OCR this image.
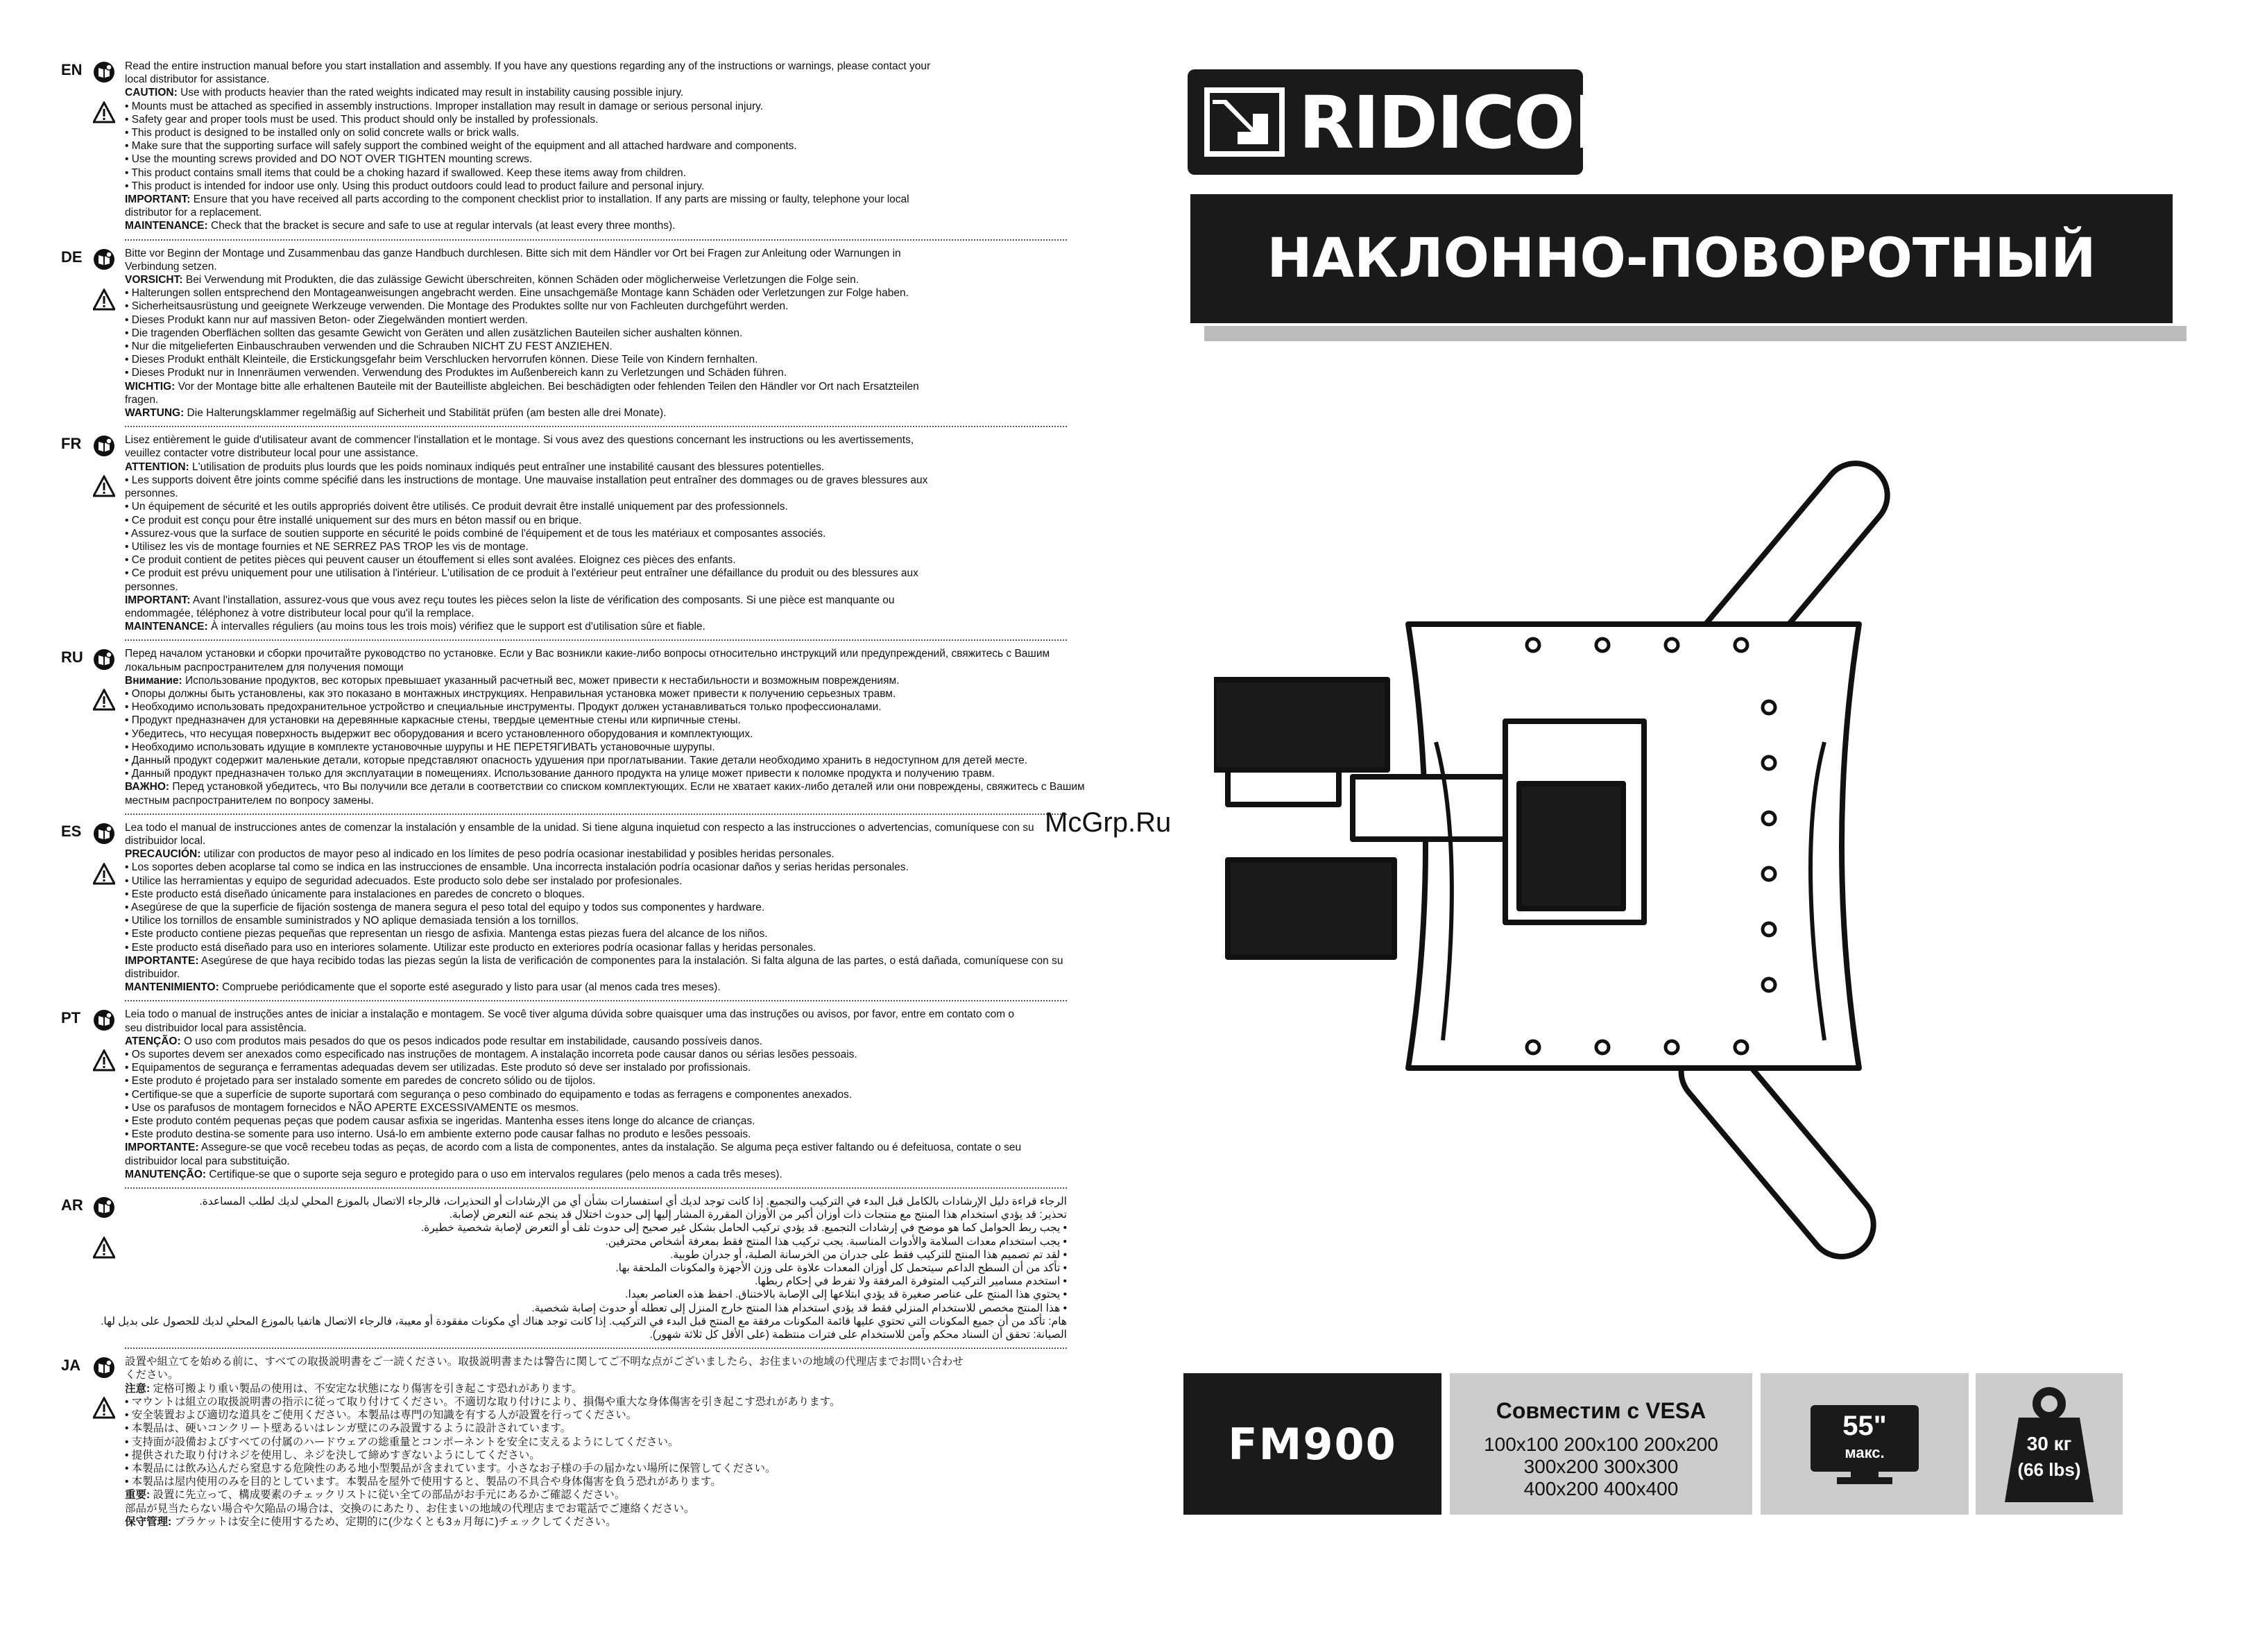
EN	Read the entire instruction manual before you start installation and assembly. If you have any questions regarding any of the instructions or warnings, please contact your
local distributor for assistance.
CAUTION: Use with products heavier than the rated weights indicated may result in instability causing possible injury.
• Mounts must be attached as specified in assembly instructions. Improper installation may result in damage or serious personal injury.
• Safety gear and proper tools must be used. This product should only be installed by professionals.
• This product is designed to be installed only on solid concrete walls or brick walls.
• Make sure that the supporting surface will safely support the combined weight of the equipment and all attached hardware and components.
• Use the mounting screws provided and DO NOT OVER TIGHTEN mounting screws.
• This product contains small items that could be a choking hazard if swallowed. Keep these items away from children.
• This product is intended for indoor use only. Using this product outdoors could lead to product failure and personal injury.
IMPORTANT: Ensure that you have received all parts according to the component checklist prior to installation. If any parts are missing or faulty, telephone your local
distributor for a replacement.
MAINTENANCE: Check that the bracket is secure and safe to use at regular intervals (at least every three months).
DE	Bitte vor Beginn der Montage und Zusammenbau das ganze Handbuch durchlesen. Bitte sich mit dem Händler vor Ort bei Fragen zur Anleitung oder Warnungen in
Verbindung setzen.
VORSICHT: Bei Verwendung mit Produkten, die das zulässige Gewicht überschreiten, können Schäden oder möglicherweise Verletzungen die Folge sein.
• Halterungen sollen entsprechend den Montageanweisungen angebracht werden. Eine unsachgemäße Montage kann Schäden oder Verletzungen zur Folge haben.
• Sicherheitsausrüstung und geeignete Werkzeuge verwenden. Die Montage des Produktes sollte nur von Fachleuten durchgeführt werden.
• Dieses Produkt kann nur auf massiven Beton- oder Ziegelwänden montiert werden.
• Die tragenden Oberflächen sollten das gesamte Gewicht von Geräten und allen zusätzlichen Bauteilen sicher aushalten können.
• Nur die mitgelieferten Einbauschrauben verwenden und die Schrauben NICHT ZU FEST ANZIEHEN.
• Dieses Produkt enthält Kleinteile, die Erstickungsgefahr beim Verschlucken hervorrufen können. Diese Teile von Kindern fernhalten.
• Dieses Produkt nur in Innenräumen verwenden. Verwendung des Produktes im Außenbereich kann zu Verletzungen und Schäden führen.
WICHTIG: Vor der Montage bitte alle erhaltenen Bauteile mit der Bauteilliste abgleichen. Bei beschädigten oder fehlenden Teilen den Händler vor Ort nach Ersatzteilen
fragen.
WARTUNG: Die Halterungsklammer regelmäßig auf Sicherheit und Stabilität prüfen (am besten alle drei Monate).
FR	Lisez entièrement le guide d'utilisateur avant de commencer l'installation et le montage. Si vous avez des questions concernant les instructions ou les avertissements,
veuillez contacter votre distributeur local pour une assistance.
ATTENTION: L'utilisation de produits plus lourds que les poids nominaux indiqués peut entraîner une instabilité causant des blessures potentielles.
• Les supports doivent être joints comme spécifié dans les instructions de montage. Une mauvaise installation peut entraîner des dommages ou de graves blessures aux
personnes.
• Un équipement de sécurité et les outils appropriés doivent être utilisés. Ce produit devrait être installé uniquement par des professionnels.
• Ce produit est conçu pour être installé uniquement sur des murs en béton massif ou en brique.
• Assurez-vous que la surface de soutien supporte en sécurité le poids combiné de l'équipement et de tous les matériaux et composantes associés.
• Utilisez les vis de montage fournies et NE SERREZ PAS TROP les vis de montage.
• Ce produit contient de petites pièces qui peuvent causer un étouffement si elles sont avalées. Eloignez ces pièces des enfants.
• Ce produit est prévu uniquement pour une utilisation à l'intérieur. L'utilisation de ce produit à l'extérieur peut entraîner une défaillance du produit ou des blessures aux
personnes.
IMPORTANT: Avant l'installation, assurez-vous que vous avez reçu toutes les pièces selon la liste de vérification des composants. Si une pièce est manquante ou
endommagée, téléphonez à votre distributeur local pour qu'il la remplace.
MAINTENANCE: À intervalles réguliers (au moins tous les trois mois) vérifiez que le support est d'utilisation sûre et fiable.
RU	Перед началом установки и сборки прочитайте руководство по установке. Если у Вас возникли какие-либо вопросы относительно инструкций или предупреждений, свяжитесь с Вашим
локальным распространителем для получения помощи
Внимание: Использование продуктов, вес которых превышает указанный расчетный вес, может привести к нестабильности и возможным повреждениям.
• Опоры должны быть установлены, как это показано в монтажных инструкциях. Неправильная установка может привести к получению серьезных травм.
• Необходимо использовать предохранительное устройство и специальные инструменты. Продукт должен устанавливаться только профессионалами.
• Продукт предназначен для установки на деревянные каркасные стены, твердые цементные стены или кирпичные стены.
• Убедитесь, что несущая поверхность выдержит вес оборудования и всего установленного оборудования и комплектующих.
• Необходимо использовать идущие в комплекте установочные шурупы и НЕ ПЕРЕТЯГИВАТЬ установочные шурупы.
• Данный продукт содержит маленькие детали, которые представляют опасность удушения при проглатывании. Такие детали необходимо хранить в недоступном для детей месте.
• Данный продукт предназначен только для эксплуатации в помещениях. Использование данного продукта на улице может привести к поломке продукта и получению травм.
ВАЖНО: Перед установкой убедитесь, что Вы получили все детали в соответствии со списком комплектующих. Если не хватает каких-либо деталей или они повреждены, свяжитесь с Вашим
местным распространителем по вопросу замены.
ES	Lea todo el manual de instrucciones antes de comenzar la instalación y ensamble de la unidad. Si tiene alguna inquietud con respecto a las instrucciones o advertencias, comuníquese con su
distribuidor local.
PRECAUCIÓN: utilizar con productos de mayor peso al indicado en los límites de peso podría ocasionar inestabilidad y posibles heridas personales.
• Los soportes deben acoplarse tal como se indica en las instrucciones de ensamble. Una incorrecta instalación podría ocasionar daños y serias heridas personales.
• Utilice las herramientas y equipo de seguridad adecuados. Este producto solo debe ser instalado por profesionales.
• Este producto está diseñado únicamente para instalaciones en paredes de concreto o bloques.
• Asegúrese de que la superficie de fijación sostenga de manera segura el peso total del equipo y todos sus componentes y hardware.
• Utilice los tornillos de ensamble suministrados y NO aplique demasiada tensión a los tornillos.
• Este producto contiene piezas pequeñas que representan un riesgo de asfixia. Mantenga estas piezas fuera del alcance de los niños.
• Este producto está diseñado para uso en interiores solamente. Utilizar este producto en exteriores podría ocasionar fallas y heridas personales.
IMPORTANTE: Asegúrese de que haya recibido todas las piezas según la lista de verificación de componentes para la instalación. Si falta alguna de las partes, o está dañada, comuníquese con su
distribuidor.
MANTENIMIENTO: Compruebe periódicamente que el soporte esté asegurado y listo para usar (al menos cada tres meses).
PT	Leia todo o manual de instruções antes de iniciar a instalação e montagem. Se você tiver alguma dúvida sobre quaisquer uma das instruções ou avisos, por favor, entre em contato com o
seu distribuidor local para assistência.
ATENÇÃO: O uso com produtos mais pesados do que os pesos indicados pode resultar em instabilidade, causando possíveis danos.
• Os suportes devem ser anexados como especificado nas instruções de montagem. A instalação incorreta pode causar danos ou sérias lesões pessoais.
• Equipamentos de segurança e ferramentas adequadas devem ser utilizadas. Este produto só deve ser instalado por profissionais.
• Este produto é projetado para ser instalado somente em paredes de concreto sólido ou de tijolos.
• Certifique-se que a superfície de suporte suportará com segurança o peso combinado do equipamento e todas as ferragens e componentes anexados.
• Use os parafusos de montagem fornecidos e NÃO APERTE EXCESSIVAMENTE os mesmos.
• Este produto contém pequenas peças que podem causar asfixia se ingeridas. Mantenha esses itens longe do alcance de crianças.
• Este produto destina-se somente para uso interno. Usá-lo em ambiente externo pode causar falhas no produto e lesões pessoais.
IMPORTANTE: Assegure-se que você recebeu todas as peças, de acordo com a lista de componentes, antes da instalação. Se alguma peça estiver faltando ou é defeituosa, contate o seu
distribuidor local para substituição.
MANUTENÇÃO: Certifique-se que o suporte seja seguro e protegido para o uso em intervalos regulares (pelo menos a cada três meses).
AR	الرجاء قراءة دليل الإرشادات بالكامل قبل البدء في التركيب والتجميع. إذا كانت توجد لديك أي استفسارات بشأن أي من الإرشادات أو التحذيرات، فالرجاء الاتصال بالموزع المحلي لديك لطلب المساعدة.
تحذير: قد يؤدي استخدام هذا المنتج مع منتجات ذات أوزان أكبر من الأوزان المقررة المشار إليها إلى حدوث اختلال قد ينجم عنه التعرض لإصابة.
• يجب ربط الحوامل كما هو موضح في إرشادات التجميع. قد يؤدي تركيب الحامل بشكل غير صحيح إلى حدوث تلف أو التعرض لإصابة شخصية خطيرة.
• يجب استخدام معدات السلامة والأدوات المناسبة. يجب تركيب هذا المنتج فقط بمعرفة أشخاص محترفين.
• لقد تم تصميم هذا المنتج للتركيب فقط على جدران من الخرسانة الصلبة، أو جدران طوبية.
• تأكد من أن السطح الداعم سيتحمل كل أوزان المعدات علاوة على وزن الأجهزة والمكونات الملحقة بها.
• استخدم مسامير التركيب المتوفرة المرفقة ولا تفرط في إحكام ربطها.
• يحتوي هذا المنتج على عناصر صغيرة قد يؤدي ابتلاعها إلى الإصابة بالاختناق. احفظ هذه العناصر بعيدا.
• هذا المنتج مخصص للاستخدام المنزلي فقط قد يؤدي استخدام هذا المنتج خارج المنزل إلى تعطله أو حدوث إصابة شخصية.
هام: تأكد من أن جميع المكونات التي تحتوي عليها قائمة المكونات مرفقة مع المنتج قبل البدء في التركيب. إذا كانت توجد هناك أي مكونات مفقودة أو معيبة، فالرجاء الاتصال هاتفيا بالموزع المحلي لديك للحصول على بديل لها.
الصيانة: تحقق أن السناد محكم وآمن للاستخدام على فترات منتظمة (على الأقل كل ثلاثة شهور).
JA	設置や組立てを始める前に、すべての取扱説明書をご一読ください。取扱説明書または警告に関してご不明な点がございましたら、お住まいの地域の代理店までお問い合わせ
ください。
注意: 定格可搬より重い製品の使用は、不安定な状態になり傷害を引き起こす恐れがあります。
• マウントは組立の取扱説明書の指示に従って取り付けてください。不適切な取り付けにより、損傷や重大な身体傷害を引き起こす恐れがあります。
• 安全装置および適切な道具をご使用ください。本製品は専門の知識を有する人が設置を行ってください。
• 本製品は、硬いコンクリート壁あるいはレンガ壁にのみ設置するように設計されています。
• 支持面が設備およびすべての付属のハードウェアの総重量とコンポーネントを安全に支えるようにしてください。
• 提供された取り付けネジを使用し、ネジを決して締めすぎないようにしてください。
• 本製品には飲み込んだら窒息する危険性のある地小型製品が含まれています。小さなお子様の手の届かない場所に保管してください。
• 本製品は屋内使用のみを目的としています。本製品を屋外で使用すると、製品の不具合や身体傷害を負う恐れがあります。
重要: 設置に先立って、構成要素のチェックリストに従い全ての部品がお手元にあるかご確認ください。
部品が見当たらない場合や欠陥品の場合は、交換のにあたり、お住まいの地域の代理店までお電話でご連絡ください。
保守管理: ブラケットは安全に使用するため、定期的に(少なくとも3ヵ月毎に)チェックしてください。
RIDICON
НАКЛОННО-ПОВОРОТНЫЙ
McGrp.Ru
FM900
Совместим с VESA
100x100 200x100 200x200
300x200 300x300
400x200 400x400
55"
макс.	30 кг
(66 lbs)
